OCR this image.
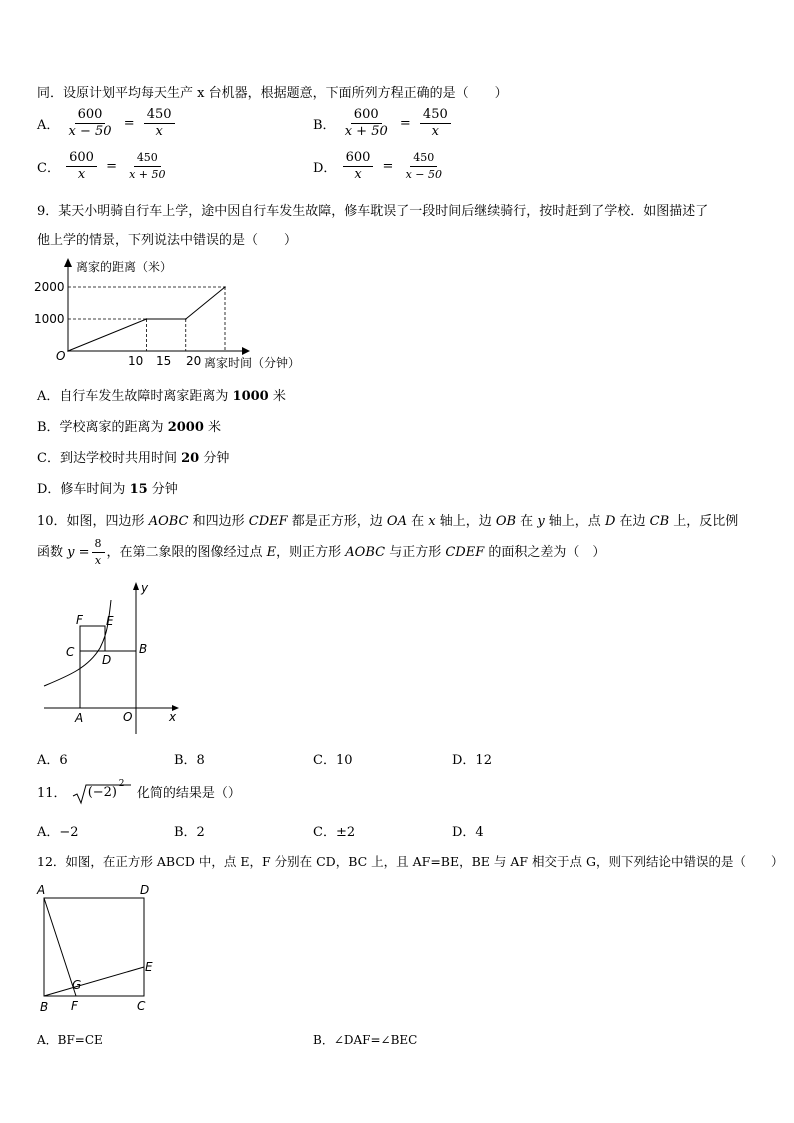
同．设原计划平均每天生产 x 台机器，根据题意，下面所列方程正确的是（　　）
A． $\frac{600}{x - 50} = \frac{450}{x}$	B． $\frac{600}{x + 50} = \frac{450}{x}$
C． $\frac{600}{x} = \frac{450}{x + 50}$	D． $\frac{600}{x} = \frac{450}{x - 50}$
9．某天小明骑自行车上学，途中因自行车发生故障，修车耽误了一段时间后继续骑行，按时赶到了学校．如图描述了
他上学的情景，下列说法中错误的是（　　）
离家的距离（米）
离家时间（分钟）
O
2000
1000
10 15 20
A．自行车发生故障时离家距离为 1000 米
B．学校离家的距离为 2000 米
C．到达学校时共用时间 20 分钟
D．修车时间为 15 分钟
10．如图，四边形 AOBC 和四边形 CDEF 都是正方形，边 OA 在 x 轴上，边 OB 在 y 轴上，点 D 在边 CB 上，反比例
函数 $y = \frac{8}{x}$ ，在第二象限的图像经过点 E，则正方形 AOBC 与正方形 CDEF 的面积之差为（　）
F E
C
D
B
A	O	x
y
A．6	B．8	C．10	D．12
11． (−2)
2
化简的结果是（）
A．−2	B．2	C．±2	D．4
12．如图，在正方形 ABCD 中，点 E，F 分别在 CD，BC 上，且 AF=BE，BE 与 AF 相交于点 G，则下列结论中错误的是（　　）
A	D
E
G
B F	C
A．BF=CE	B．∠DAF=∠BEC
